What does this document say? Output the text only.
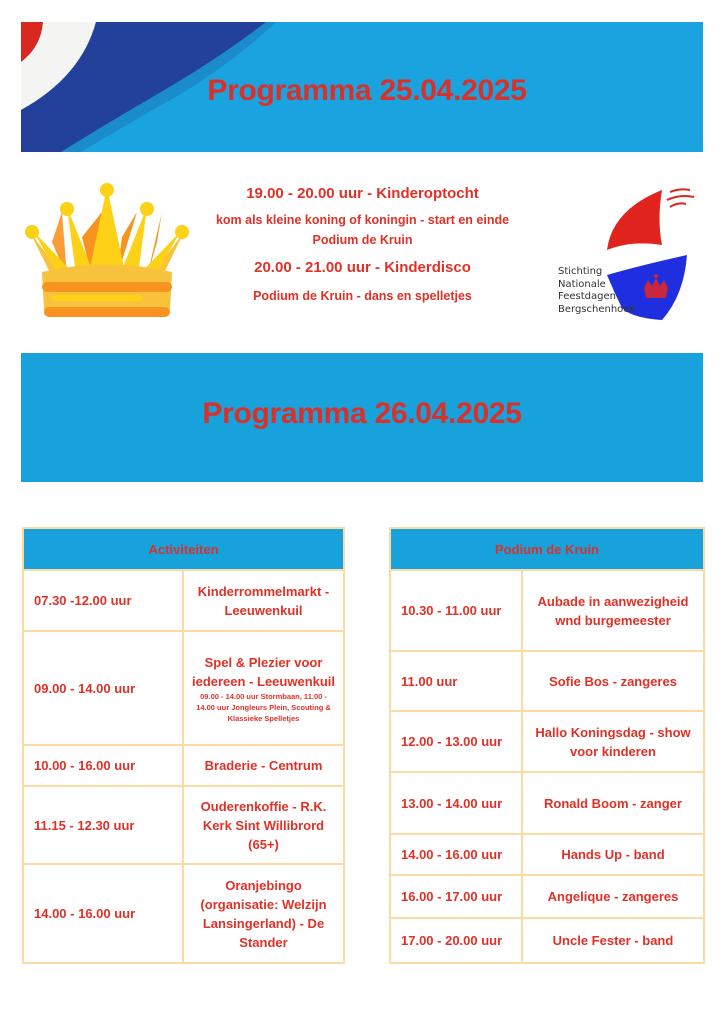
Programma 25.04.2025

19.00 - 20.00 uur - Kinderoptocht

kom als kleine koning of koningin - start en einde Podium de Kruin

20.00 - 21.00 uur - Kinderdisco

Podium de Kruin - dans en spelletjes

Stichting
Nationale
Feestdagen
Bergschenhoek
Programma 26.04.2025
Activiteiten	
07.30 -12.00 uur	Kinderrommelmarkt - Leeuwenkuil
09.00 - 14.00 uur	Spel & Plezier voor iedereen - Leeuwenkuil
09.00 - 14.00 uur Stormbaan, 11.00 - 14.00 uur Jongleurs Plein, Scouting & Klassieke Spelletjes

10.00 - 16.00 uur	Braderie - Centrum
11.15 - 12.30 uur	Ouderenkoffie - R.K. Kerk Sint Willibrord (65+)
14.00 - 16.00 uur	Oranjebingo (organisatie: Welzijn Lansingerland) - De Stander
Podium de Kruin	
10.30 - 11.00 uur	Aubade in aanwezigheid wnd burgemeester
11.00 uur	Sofie Bos - zangeres
12.00 - 13.00 uur	Hallo Koningsdag - show voor kinderen
13.00 - 14.00 uur	Ronald Boom - zanger
14.00 - 16.00 uur	Hands Up - band
16.00 - 17.00 uur	Angelique - zangeres
17.00 - 20.00 uur	Uncle Fester - band
